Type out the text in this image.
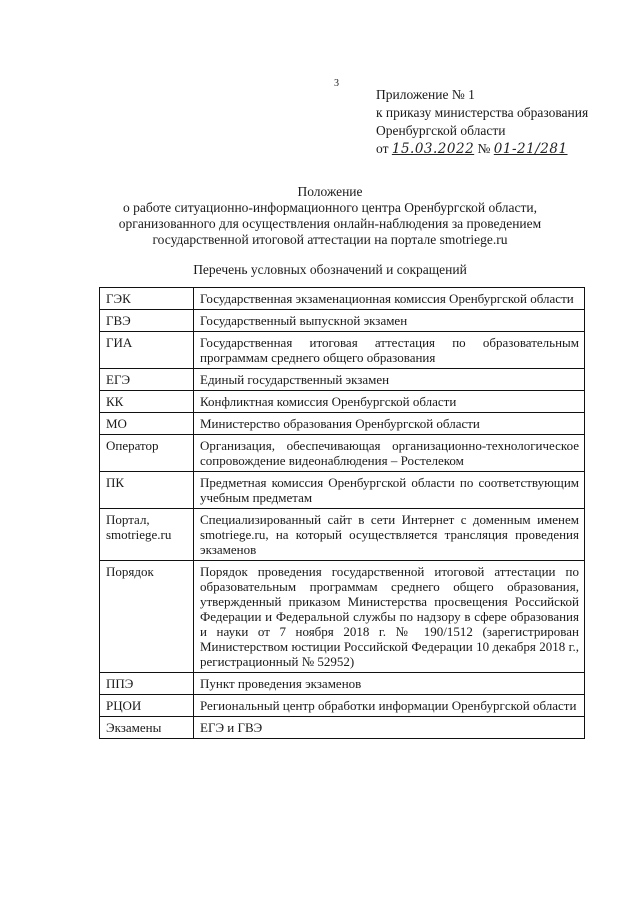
3
Приложение № 1
к приказу министерства образования
Оренбургской области
от 15.03.2022 № 01-21/281
Положение
о работе ситуационно-информационного центра Оренбургской области,
организованного для осуществления онлайн-наблюдения за проведением
государственной итоговой аттестации на портале smotriege.ru
Перечень условных обозначений и сокращений
ГЭК	Государственная экзаменационная комиссия Оренбургской области
ГВЭ	Государственный выпускной экзамен
ГИА	Государственная итоговая аттестация по образовательным программам среднего общего образования
ЕГЭ	Единый государственный экзамен
КК	Конфликтная комиссия Оренбургской области
МО	Министерство образования Оренбургской области
Оператор	Организация, обеспечивающая организационно-технологическое сопровождение видеонаблюдения – Ростелеком
ПК	Предметная комиссия Оренбургской области по соответствующим учебным предметам
Портал, smotriege.ru	Специализированный сайт в сети Интернет с доменным именем smotriege.ru, на который осуществляется трансляция проведения экзаменов
Порядок	Порядок проведения государственной итоговой аттестации по образовательным программам среднего общего образования, утвержденный приказом Министерства просвещения Российской Федерации и Федеральной службы по надзору в сфере образования и науки от 7 ноября 2018 г. № 190/1512 (зарегистрирован Министерством юстиции Российской Федерации 10 декабря 2018 г., регистрационный № 52952)
ППЭ	Пункт проведения экзаменов
РЦОИ	Региональный центр обработки информации Оренбургской области
Экзамены	ЕГЭ и ГВЭ
